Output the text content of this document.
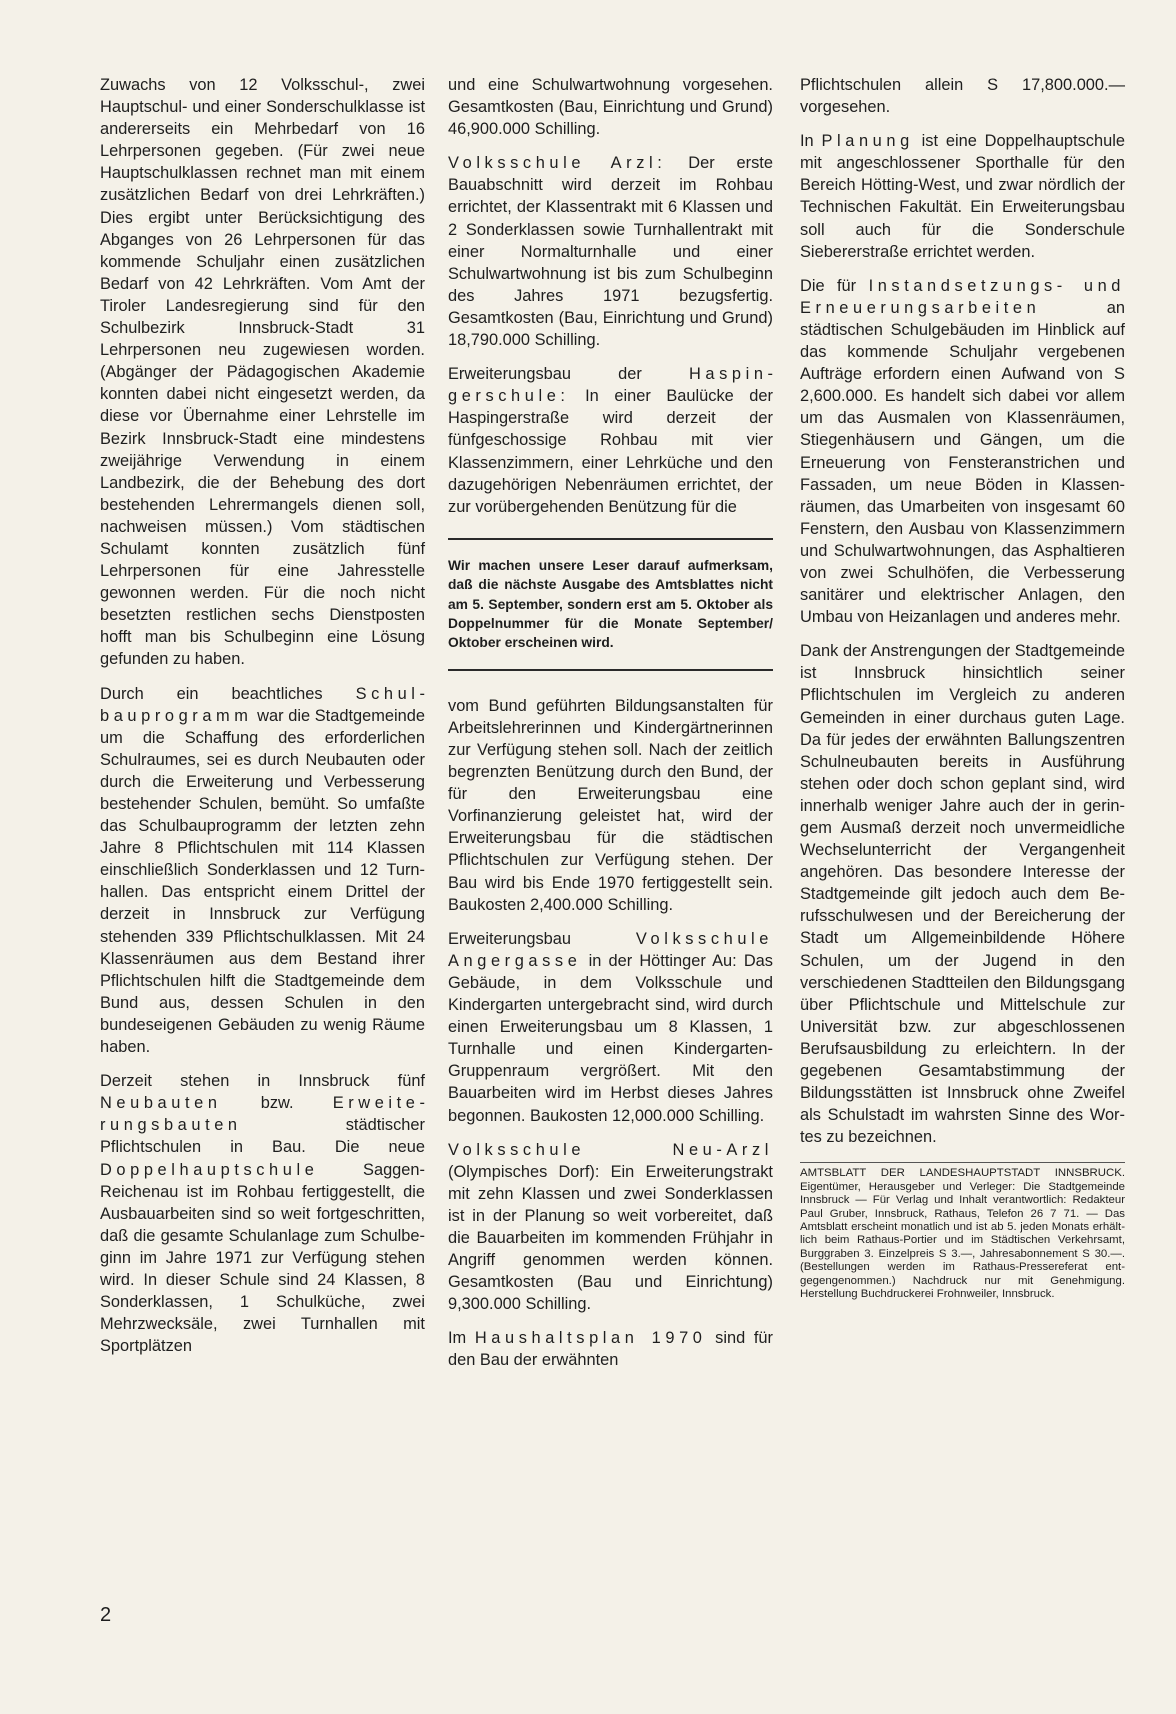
Zuwachs von 12 Volksschul-, zwei Hauptschul- und einer Sonderschulklasse ist andererseits ein Mehrbedarf von 16 Lehrpersonen gegeben. (Für zwei neue Hauptschulklassen rechnet man mit einem zusätzlichen Bedarf von drei Lehrkräften.) Dies ergibt unter Berücksichtigung des Abganges von 26 Lehrpersonen für das kommende Schuljahr einen zusätzlichen Bedarf von 42 Lehrkräften. Vom Amt der Tiroler Landesregierung sind für den Schulbezirk Innsbruck-Stadt 31 Lehrpersonen neu zugewiesen worden. (Abgänger der Pädagogischen Akademie konnten dabei nicht eingesetzt werden, da diese vor Übernahme einer Lehrstelle im Bezirk Innsbruck-Stadt eine mindestens zweijährige Verwendung in einem Landbezirk, die der Behebung des dort bestehenden Lehrermangels dienen soll, nachweisen müssen.) Vom städtischen Schulamt konnten zusätzlich fünf Lehrpersonen für eine Jahresstelle gewonnen werden. Für die noch nicht besetzten restlichen sechs Dienstposten hofft man bis Schulbeginn eine Lösung gefunden zu haben.

Durch ein beachtliches Schulbauprogramm war die Stadtgemeinde um die Schaffung des erforderlichen Schulraumes, sei es durch Neubauten oder durch die Erweiterung und Verbesserung bestehender Schulen, bemüht. So umfaßte das Schulbauprogramm der letzten zehn Jahre 8 Pflichtschulen mit 114 Klassen einschließlich Sonderklassen und 12 Turnhallen. Das entspricht einem Drittel der derzeit in Innsbruck zur Verfügung stehenden 339 Pflichtschulklassen. Mit 24 Klassenräumen aus dem Bestand ihrer Pflichtschulen hilft die Stadtgemeinde dem Bund aus, dessen Schulen in den bundeseigenen Gebäuden zu wenig Räume haben.

Derzeit stehen in Innsbruck fünf Neubauten bzw. Erweiterungsbauten städtischer Pflichtschulen in Bau. Die neue Doppelhauptschule Saggen-Reichenau ist im Rohbau fertiggestellt, die Ausbauarbeiten sind so weit fortgeschritten, daß die gesamte Schulanlage zum Schulbeginn im Jahre 1971 zur Verfügung stehen wird. In dieser Schule sind 24 Klassen, 8 Sonderklassen, 1 Schulküche, zwei Mehrzwecksäle, zwei Turnhallen mit Sportplätzen

und eine Schulwartwohnung vorgesehen. Gesamtkosten (Bau, Einrichtung und Grund) 46,900.000 Schilling.

Volksschule Arzl: Der erste Bauabschnitt wird derzeit im Rohbau errichtet, der Klassentrakt mit 6 Klassen und 2 Sonderklassen sowie Turnhallentrakt mit einer Normalturnhalle und einer Schulwartwohnung ist bis zum Schulbeginn des Jahres 1971 bezugsfertig. Gesamtkosten (Bau, Einrichtung und Grund) 18,790.000 Schilling.

Erweiterungsbau der Haspingerschule: In einer Baulücke der Haspingerstraße wird derzeit der fünfgeschossige Rohbau mit vier Klassenzimmern, einer Lehrküche und den dazugehörigen Nebenräumen errichtet, der zur vorübergehenden Benützung für die

Wir machen unsere Leser darauf aufmerksam, daß die nächste Ausgabe des Amtsblattes nicht am 5. September, sondern erst am 5. Oktober als Doppelnummer für die Monate September/ Oktober erscheinen wird.

vom Bund geführten Bildungsanstalten für Arbeitslehrerinnen und Kindergärtnerinnen zur Verfügung stehen soll. Nach der zeitlich begrenzten Benützung durch den Bund, der für den Erweiterungsbau eine Vorfinanzierung geleistet hat, wird der Erweiterungsbau für die städtischen Pflichtschulen zur Verfügung stehen. Der Bau wird bis Ende 1970 fertiggestellt sein. Baukosten 2,400.000 Schilling.

Erweiterungsbau Volksschule Angergasse in der Höttinger Au: Das Gebäude, in dem Volksschule und Kindergarten untergebracht sind, wird durch einen Erweiterungsbau um 8 Klassen, 1 Turnhalle und einen Kindergarten-Gruppenraum vergrößert. Mit den Bauarbeiten wird im Herbst dieses Jahres begonnen. Baukosten 12,000.000 Schilling.

Volksschule Neu-Arzl (Olympisches Dorf): Ein Erweiterungstrakt mit zehn Klassen und zwei Sonderklassen ist in der Planung so weit vorbereitet, daß die Bauarbeiten im kommenden Frühjahr in Angriff genommen werden können. Gesamtkosten (Bau und Einrichtung) 9,300.000 Schilling.

Im Haushaltsplan 1970 sind für den Bau der erwähnten

Pflichtschulen allein S 17,800.000.— vorgesehen.

In Planung ist eine Doppelhauptschule mit angeschlossener Sporthalle für den Bereich Hötting-West, und zwar nördlich der Technischen Fakultät. Ein Erweiterungsbau soll auch für die Sonderschule Siebererstraße errichtet werden.

Die für Instandsetzungs- und Erneuerungsarbeiten an städtischen Schulgebäuden im Hinblick auf das kommende Schuljahr vergebenen Aufträge erfordern einen Aufwand von S 2,600.000. Es handelt sich dabei vor allem um das Ausmalen von Klassenräumen, Stiegenhäusern und Gängen, um die Erneuerung von Fensteranstrichen und Fassaden, um neue Böden in Klassenräumen, das Umarbeiten von insgesamt 60 Fenstern, den Ausbau von Klassenzimmern und Schulwartwohnungen, das Asphaltieren von zwei Schulhöfen, die Verbesserung sanitärer und elektrischer Anlagen, den Umbau von Heizanlagen und anderes mehr.

Dank der Anstrengungen der Stadtgemeinde ist Innsbruck hinsichtlich seiner Pflichtschulen im Vergleich zu anderen Gemeinden in einer durchaus guten Lage. Da für jedes der erwähnten Ballungszentren Schulneubauten bereits in Ausführung stehen oder doch schon geplant sind, wird innerhalb weniger Jahre auch der in geringem Ausmaß derzeit noch unvermeidliche Wechselunterricht der Vergangenheit angehören. Das besondere Interesse der Stadtgemeinde gilt jedoch auch dem Berufsschulwesen und der Bereicherung der Stadt um Allgemeinbildende Höhere Schulen, um der Jugend in den verschiedenen Stadtteilen den Bildungsgang über Pflichtschule und Mittelschule zur Universität bzw. zur abgeschlossenen Berufsausbildung zu erleichtern. In der gegebenen Gesamtabstimmung der Bildungsstätten ist Innsbruck ohne Zweifel als Schulstadt im wahrsten Sinne des Wortes zu bezeichnen.

AMTSBLATT DER LANDESHAUPTSTADT INNSBRUCK. Eigentümer, Herausgeber und Verleger: Die Stadtgemeinde Innsbruck — Für Verlag und Inhalt verantwortlich: Redakteur Paul Gruber, Innsbruck, Rathaus, Telefon 26 7 71. — Das Amtsblatt erscheint monatlich und ist ab 5. jeden Monats erhältlich beim Rathaus-Portier und im Städtischen Verkehrsamt, Burggraben 3. Einzelpreis S 3.—, Jahresabonnement S 30.—. (Bestellungen werden im Rathaus-Pressereferat entgegengenommen.) Nachdruck nur mit Genehmigung. Herstellung Buchdruckerei Frohnweiler, Innsbruck.

2
